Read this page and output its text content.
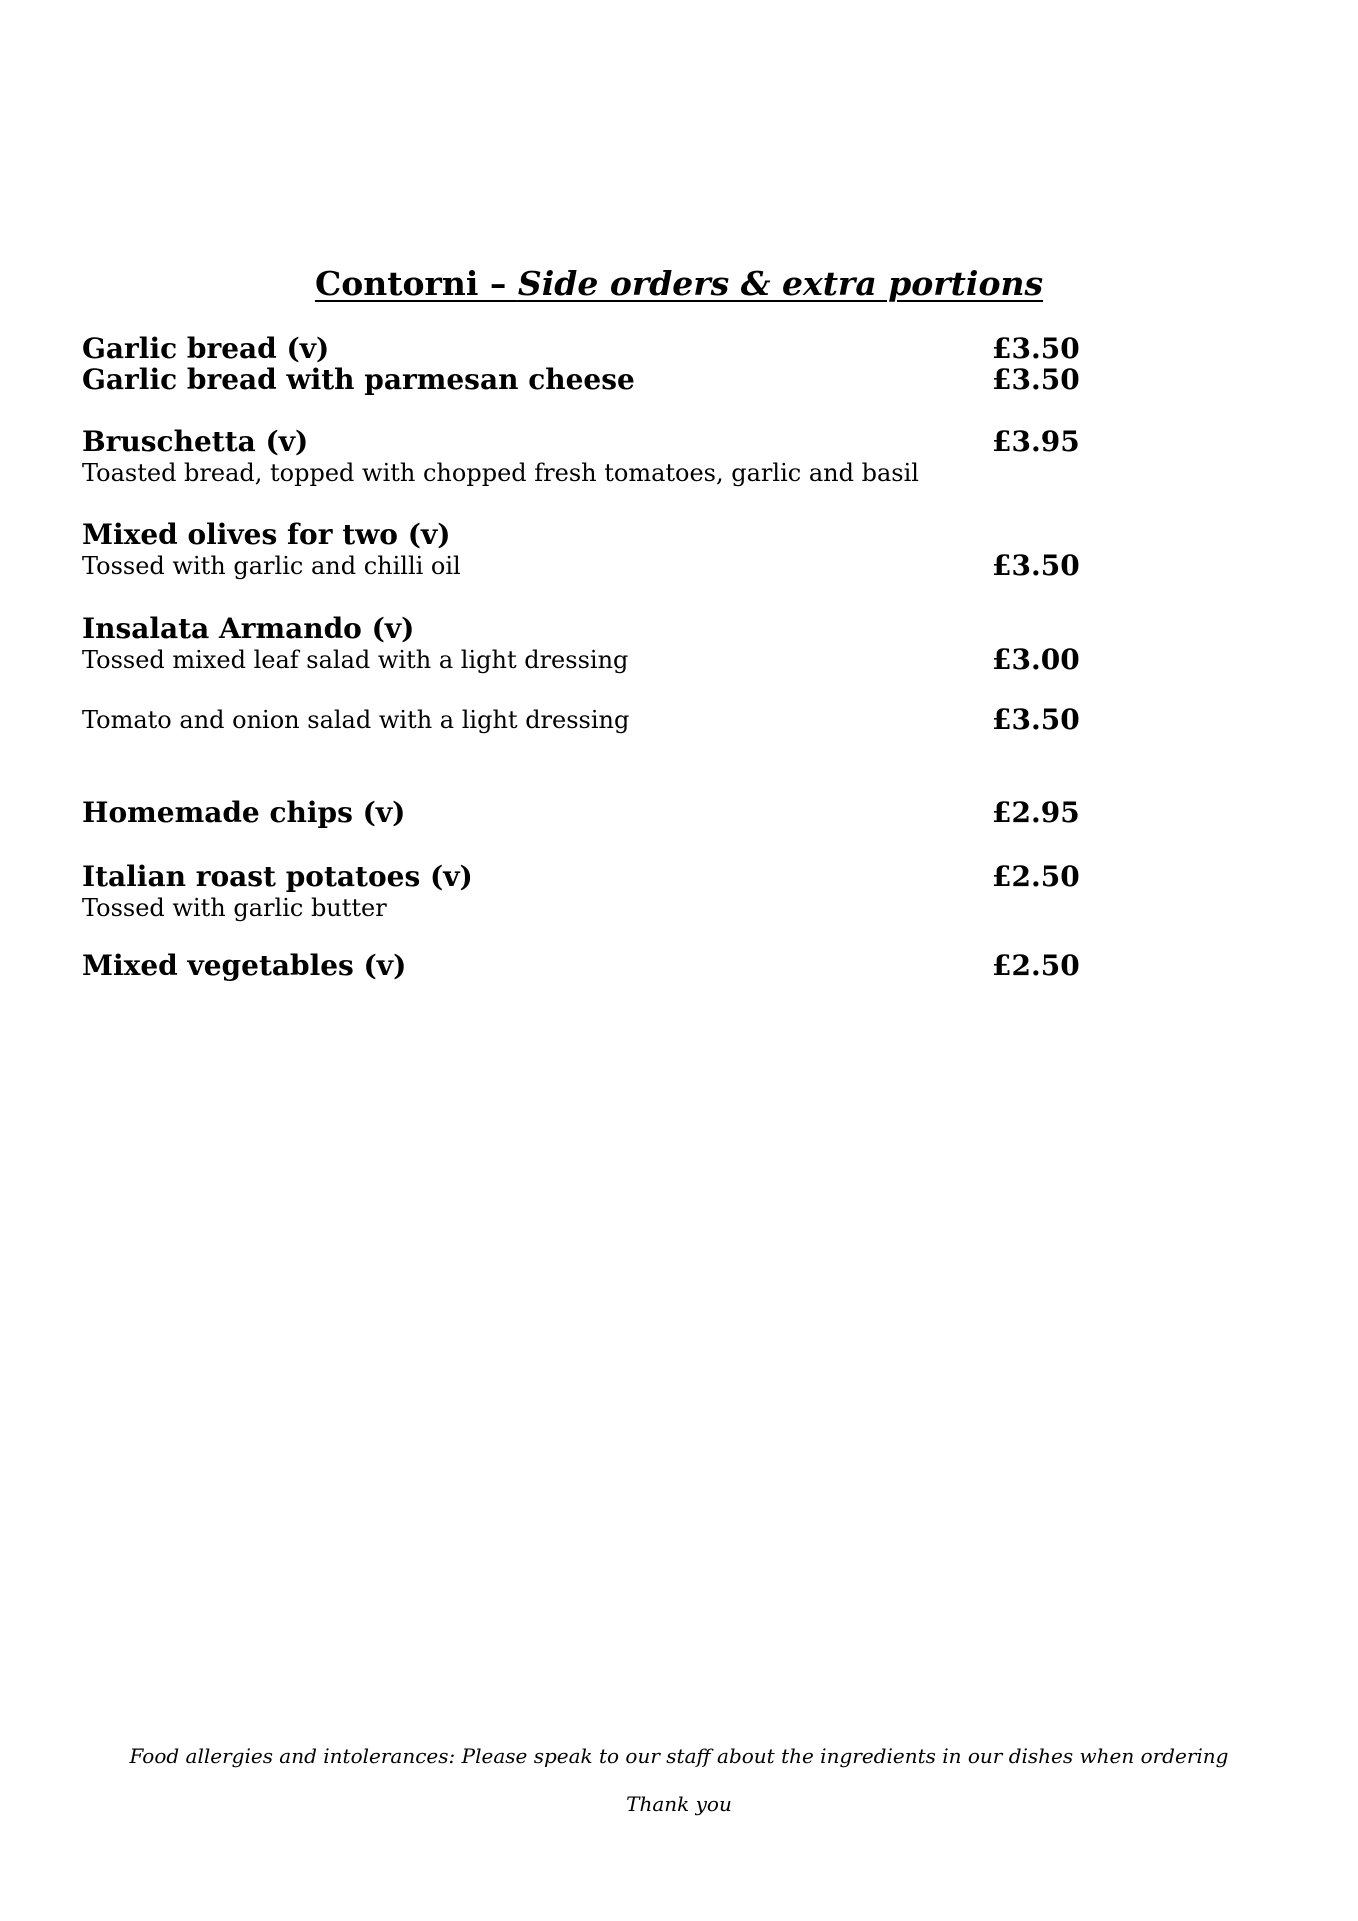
Contorni – Side orders & extra portions
Garlic bread (v)	£3.50
Garlic bread with parmesan cheese	£3.50
Bruschetta (v)	£3.95
Toasted bread, topped with chopped fresh tomatoes, garlic and basil
Mixed olives for two (v)
Tossed with garlic and chilli oil	£3.50
Insalata Armando (v)
Tossed mixed leaf salad with a light dressing	£3.00
Tomato and onion salad with a light dressing	£3.50
Homemade chips (v)	£2.95
Italian roast potatoes (v)	£2.50
Tossed with garlic butter
Mixed vegetables (v)	£2.50
Food allergies and intolerances: Please speak to our staff about the ingredients in our dishes when ordering
Thank you
